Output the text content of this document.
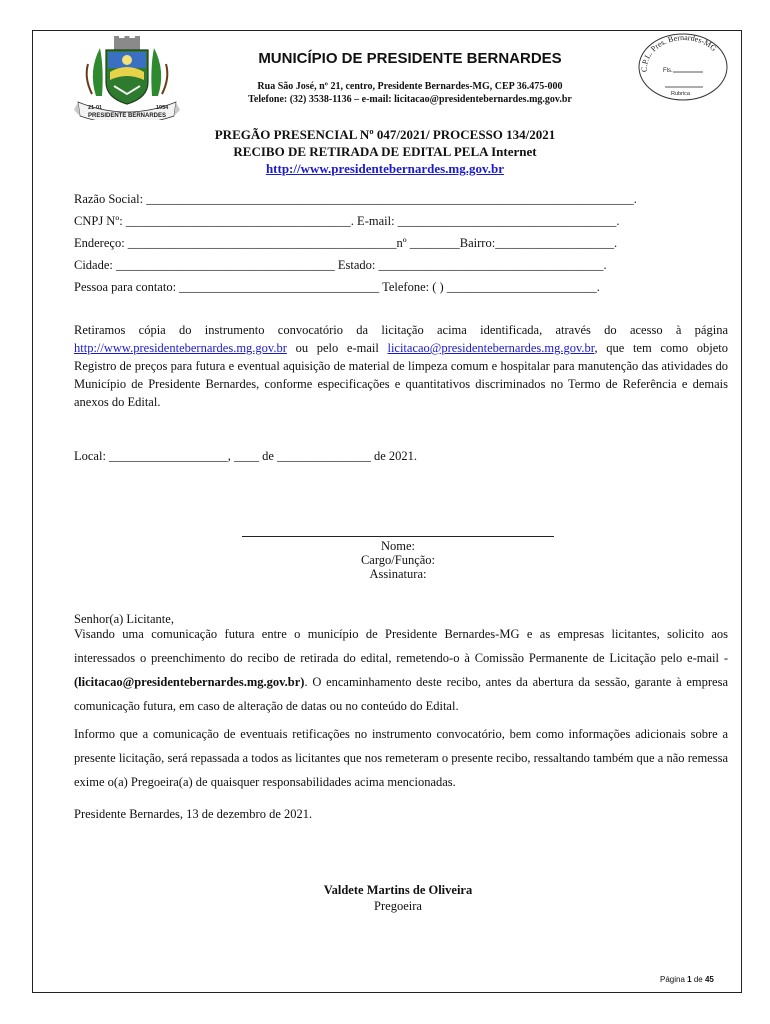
21-01
PRESIDENTE BERNARDES
1954
MUNICÍPIO DE PRESIDENTE BERNARDES
Rua São José, nº 21, centro, Presidente Bernardes-MG, CEP 36.475-000
Telefone: (32) 3538-1136 – e-mail: licitacao@presidentebernardes.mg.gov.br
C.P.L. Pres. Bernardes-MG
Fls.
Rubrica
PREGÃO PRESENCIAL Nº 047/2021/ PROCESSO 134/2021
RECIBO DE RETIRADA DE EDITAL PELA Internet
http://www.presidentebernardes.mg.gov.br
Razão Social: ______________________________________________________________________________.
CNPJ Nº: ____________________________________. E-mail: ___________________________________.
Endereço: ___________________________________________nº ________Bairro:___________________.
Cidade: ___________________________________ Estado: ____________________________________.
Pessoa para contato: ________________________________ Telefone: ( ) ________________________.
Retiramos cópia do instrumento convocatório da licitação acima identificada, através do acesso à página http://www.presidentebernardes.mg.gov.br ou pelo e-mail licitacao@presidentebernardes.mg.gov.br, que tem como objeto Registro de preços para futura e eventual aquisição de material de limpeza comum e hospitalar para manutenção das atividades do Município de Presidente Bernardes, conforme especificações e quantitativos discriminados no Termo de Referência e demais anexos do Edital.
Local: ___________________, ____ de _______________ de 2021.
Nome:
Cargo/Função:
Assinatura:
Senhor(a) Licitante,
Visando uma comunicação futura entre o município de Presidente Bernardes-MG e as empresas licitantes, solicito aos interessados o preenchimento do recibo de retirada do edital, remetendo-o à Comissão Permanente de Licitação pelo e-mail - (licitacao@presidentebernardes.mg.gov.br). O encaminhamento deste recibo, antes da abertura da sessão, garante à empresa comunicação futura, em caso de alteração de datas ou no conteúdo do Edital.
Informo que a comunicação de eventuais retificações no instrumento convocatório, bem como informações adicionais sobre a presente licitação, será repassada a todos as licitantes que nos remeteram o presente recibo, ressaltando também que a não remessa exime o(a) Pregoeira(a) de quaisquer responsabilidades acima mencionadas.
Presidente Bernardes, 13 de dezembro de 2021.
Valdete Martins de Oliveira
Pregoeira
Página 1 de 45
